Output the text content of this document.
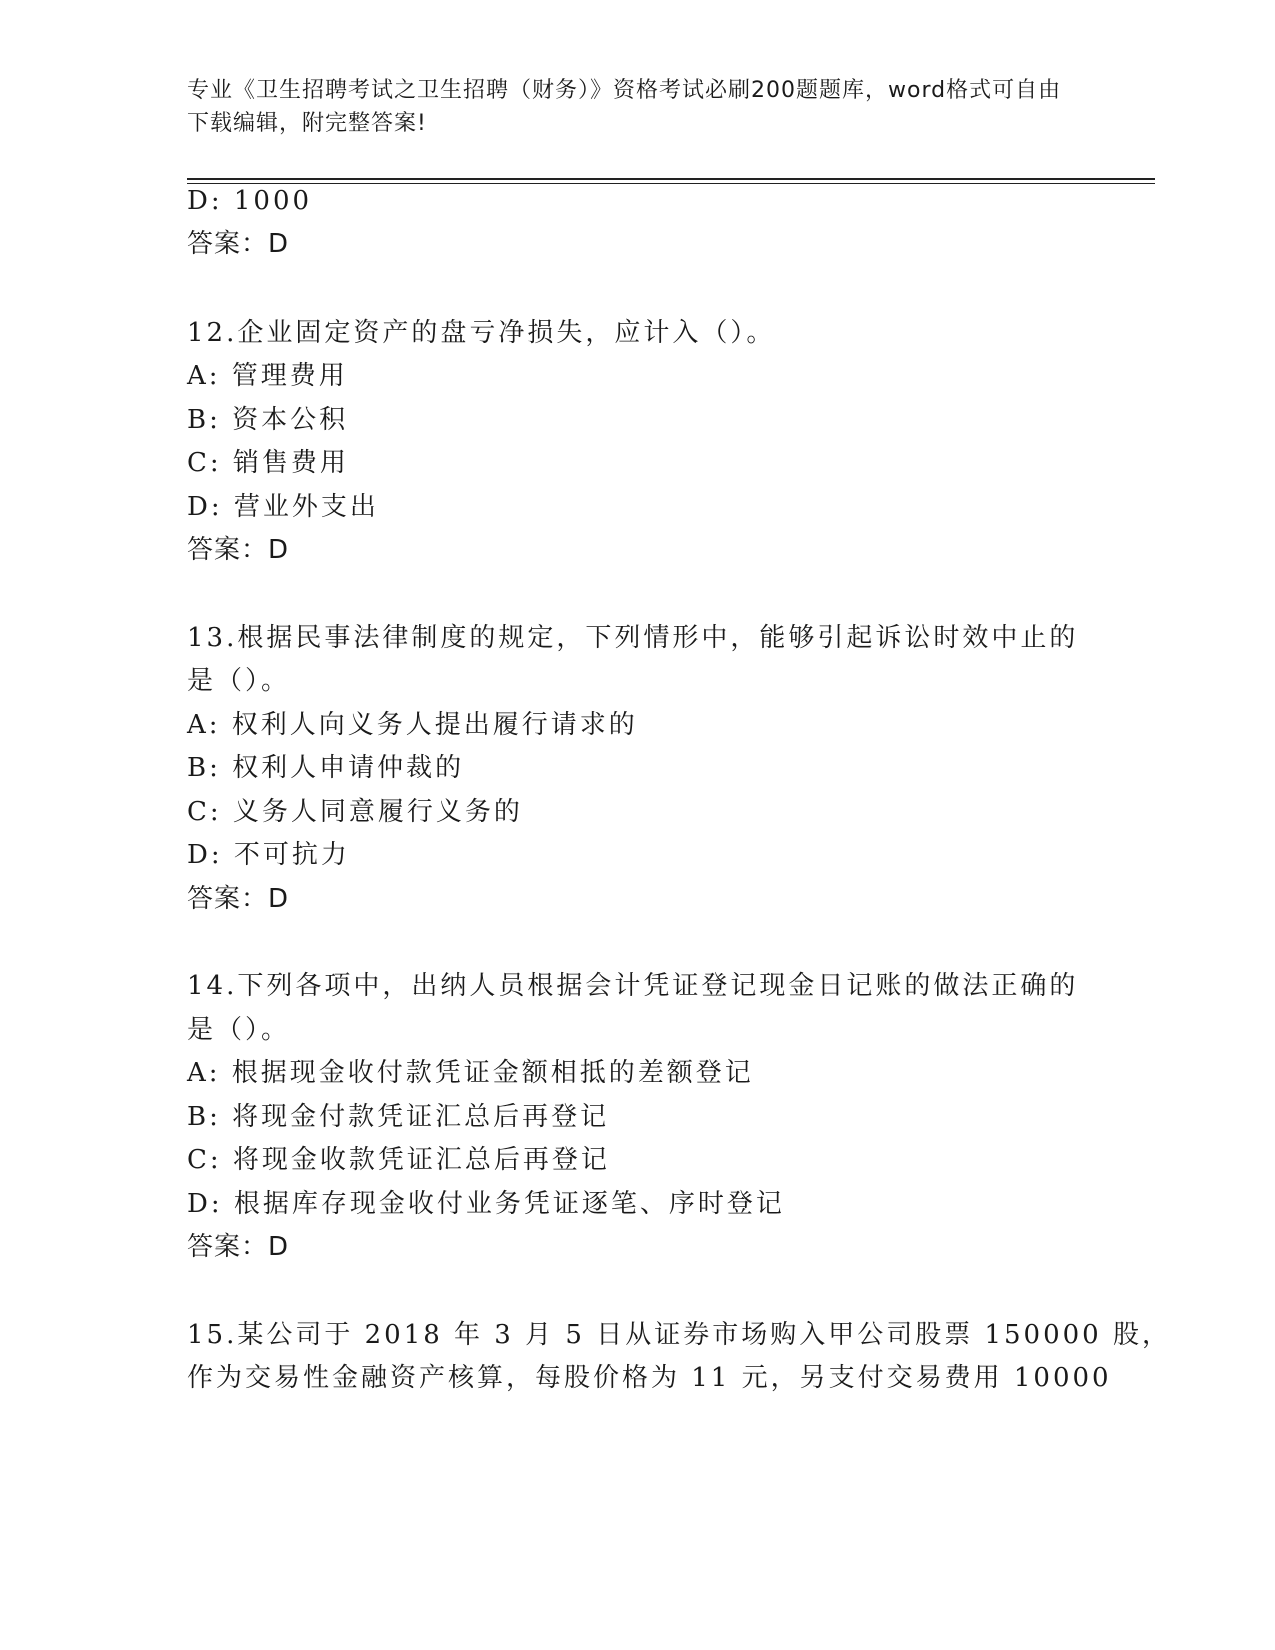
专业《卫生招聘考试之卫生招聘（财务）》资格考试必刷200题题库，word格式可自由下载编辑，附完整答案!
D: 1000
答案：D
12.企业固定资产的盘亏净损失，应计入（）。
A: 管理费用
B: 资本公积
C: 销售费用
D: 营业外支出
答案：D
13.根据民事法律制度的规定，下列情形中，能够引起诉讼时效中止的
是（）。
A: 权利人向义务人提出履行请求的
B: 权利人申请仲裁的
C: 义务人同意履行义务的
D: 不可抗力
答案：D
14.下列各项中，出纳人员根据会计凭证登记现金日记账的做法正确的
是（）。
A: 根据现金收付款凭证金额相抵的差额登记
B: 将现金付款凭证汇总后再登记
C: 将现金收款凭证汇总后再登记
D: 根据库存现金收付业务凭证逐笔、序时登记
答案：D
15.某公司于 2018 年 3 月 5 日从证券市场购入甲公司股票 150000 股，
作为交易性金融资产核算，每股价格为 11 元，另支付交易费用 10000
